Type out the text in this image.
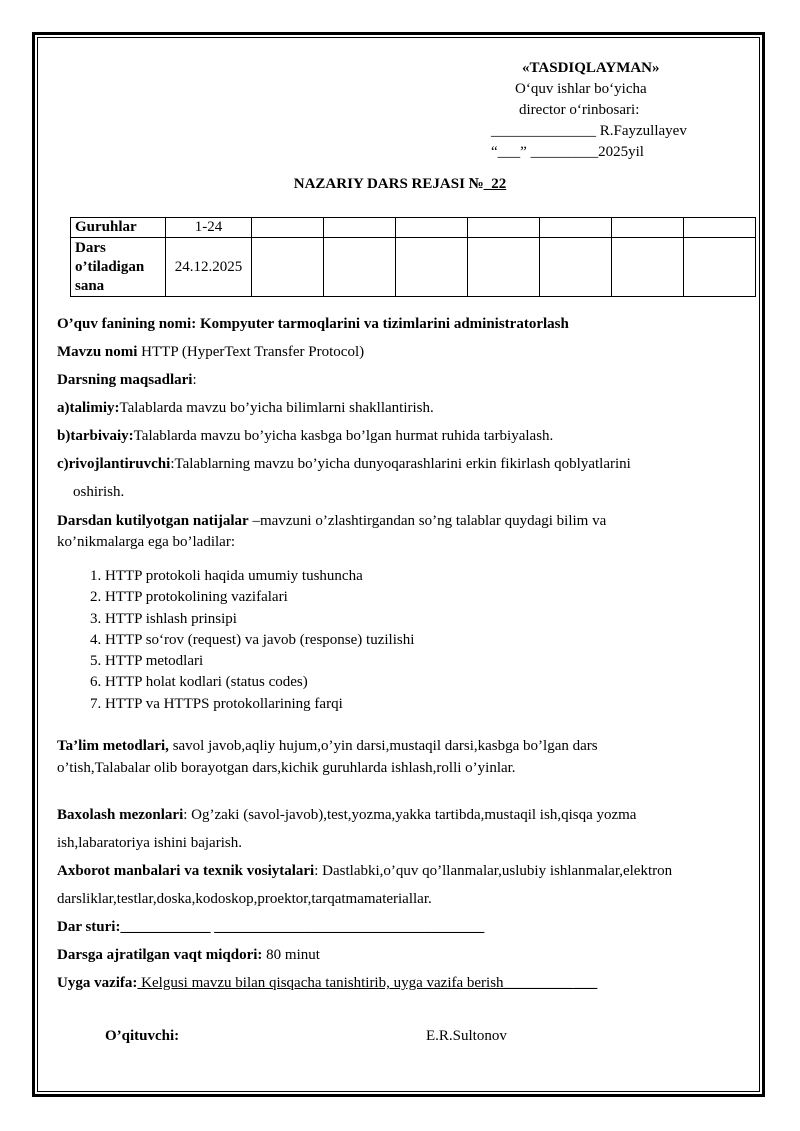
«TASDIQLAYMAN»
O‘quv ishlar bo‘yicha
director o‘rinbosari:
______________ R.Fayzullayev
“___” _________2025yil
NAZARIY DARS REJASI №_22
Guruhlar	1-24							
Dars
o’tiladigan
sana	24.12.2025							

O’quv fanining nomi: Kompyuter tarmoqlarini va tizimlarini administratorlash

Mavzu nomi HTTP (HyperText Transfer Protocol)

Darsning maqsadlari:

a)talimiy:Talablarda mavzu bo’yicha bilimlarni shakllantirish.

b)tarbivaiy:Talablarda mavzu bo’yicha kasbga bo’lgan hurmat ruhida tarbiyalash.

c)rivojlantiruvchi:Talablarning mavzu bo’yicha dunyoqarashlarini erkin fikirlash qoblyatlarini

oshirish.

Darsdan kutilyotgan natijalar –mavzuni o’zlashtirgandan so’ng talablar quydagi bilim va

ko’nikmalarga ega bo’ladilar:

1. HTTP protokoli haqida umumiy tushuncha
2. HTTP protokolining vazifalari
3. HTTP ishlash prinsipi
4. HTTP so‘rov (request) va javob (response) tuzilishi
5. HTTP metodlari
6. HTTP holat kodlari (status codes)
7. HTTP va HTTPS protokollarining farqi

Ta’lim metodlari, savol javob,aqliy hujum,o’yin darsi,mustaqil darsi,kasbga bo’lgan dars

o’tish,Talabalar olib borayotgan dars,kichik guruhlarda ishlash,rolli o’yinlar.

Baxolash mezonlari: Og’zaki (savol-javob),test,yozma,yakka tartibda,mustaqil ish,qisqa yozma

ish,labaratoriya ishini bajarish.

Axborot manbalari va texnik vosiytalari: Dastlabki,o’quv qo’llanmalar,uslubiy ishlanmalar,elektron

darsliklar,testlar,doska,kodoskop,proektor,tarqatmamateriallar.

Dar sturi:____________ ____________________________________

Darsga ajratilgan vaqt miqdori: 80 minut

Uyga vazifa: Kelgusi mavzu bilan qisqacha tanishtirib, uyga vazifa berish_________ ___

O’qituvchi:	E.R.Sultonov
